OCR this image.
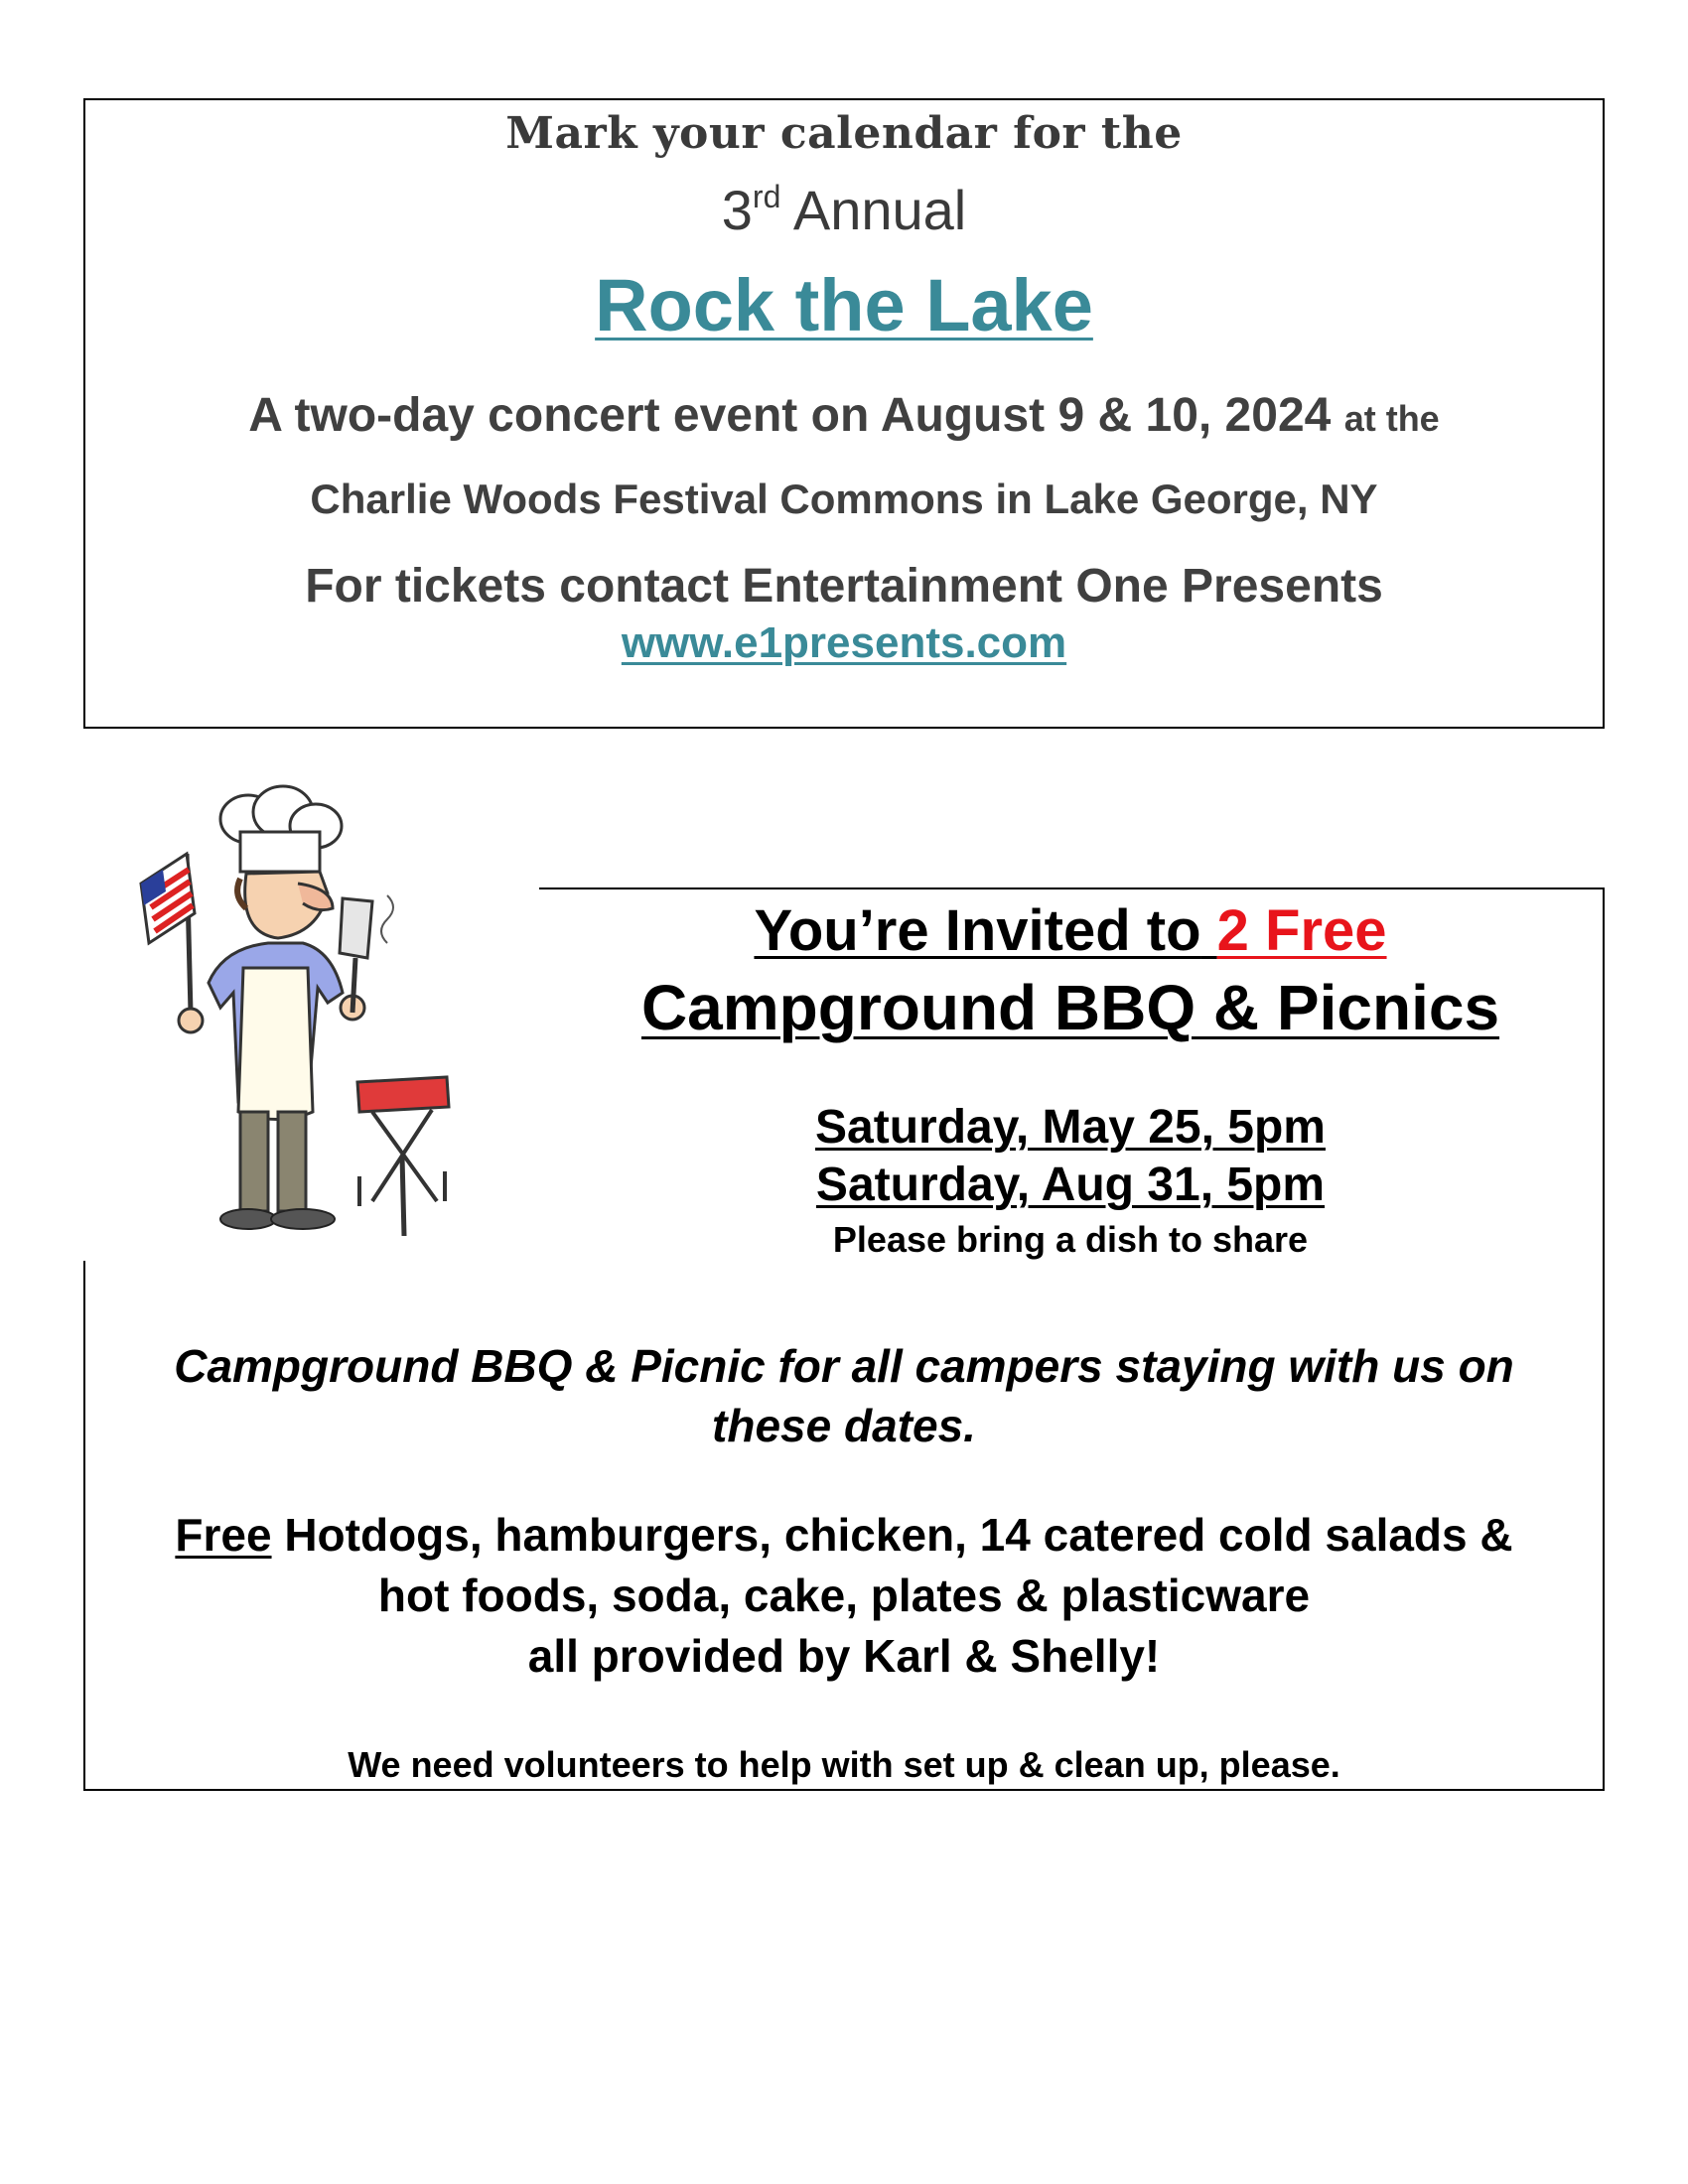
Mark your calendar for the
3rd Annual
Rock the Lake
A two-day concert event on August 9 & 10, 2024 at the
Charlie Woods Festival Commons in Lake George, NY
For tickets contact Entertainment One Presents
www.e1presents.com
You’re Invited to 2 Free
Campground BBQ & Picnics
Saturday, May 25, 5pm
Saturday, Aug 31, 5pm
Please bring a dish to share
Campground BBQ & Picnic for all campers staying with us on
these dates.
Free Hotdogs, hamburgers, chicken, 14 catered cold salads &
hot foods, soda, cake, plates & plasticware
all provided by Karl & Shelly!
We need volunteers to help with set up & clean up, please.
